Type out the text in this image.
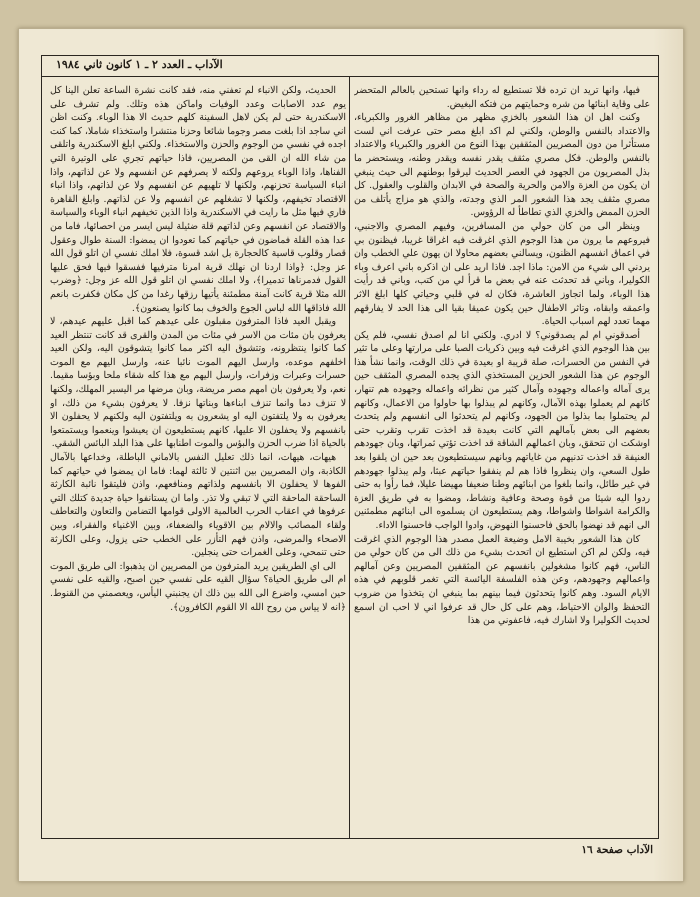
الآداب ـ العدد ٢ ـ ١ كانون ثاني ١٩٨٤

فيها، وانها تريد ان ترده فلا تستطيع له رداء وانها تستحين بالعالم المتحضر على وقاية ابنائها من شره وحمايتهم من فتكه البغيض.

وكنت اهل ان هذا الشعور بالخزي مظهر من مظاهر الغرور والكبرياء، والاعتداد بالنفس والوطن، ولكني لم اكد ابلغ مصر حتى عرفت اني لست مستأثرا من دون المصريين المثقفين بهذا النوع من الغرور والكبرياء والاعتداد بالنفس والوطن. فكل مصري مثقف يقدر نفسه ويقدر وطنه، ويستحضر ما بذل المصريون من الجهود في العصر الحديث ليرقوا بوطنهم الى حيث ينبغي ان يكون من العزة والامن والحرية والصحة في الابدان والقلوب والعقول. كل مصري مثقف يجد هذا الشعور المر الذي وجدته، والذي هو مزاج يأتلف من الحزن الممض والخزي الذي تطاطأ له الرؤوس.

وينظر الى من كان حولي من المسافرين، وفيهم المصري والاجنبي، فيروعهم ما يرون من هذا الوجوم الذي اغرقت فيه اغراقا غريبا، فيظنون بي في اعماق انفسهم الظنون، ويسالني بعضهم محاولا ان يهون علي الخطب وان يردني الى شيء من الامن: ماذا اجد. فاذا اريد على ان اذكره باني اعرف وباء الكوليرا، وباني قد تحدثت عنه في بعض ما قرأ لي من كتب، وباني قد رأيت هذا الوباء، ولما اتجاوز العاشرة، فكان له في قلبي وحياتي كلها ابلغ الاثر واعمقه وابقاه، وتاثر الاطفال حين يكون عميقا بقيا الى هذا الحد لا يفارقهم مهما تعدد لهم اسباب الحياة.

أصدقوني ام لم يصدقوني؟ لا ادري. ولكني انا لم اصدق نفسي، فلم يكن بين هذا الوجوم الذي اغرقت فيه وبين ذكريات الصبا على مرارتها وعلى ما تثير في النفس من الحسرات، صلة قريبة او بعيدة في ذلك الوقت، وانما نشأ هذا الوجوم عن هذا الشعور الحزين المستخذي الذي يجده المصري المثقف حين يرى آماله واعماله وجهوده وآمال كثير من نظرائه واعماله وجهوده هم تنهار، كانهم لم يعملوا بهذه الآمال، وكانهم لم يبذلوا بها حاولوا من الاعمال، وكانهم لم يحتملوا بما بذلوا من الجهود، وكانهم لم يتحدثوا الى انفسهم ولم يتحدث بعضهم الى بعض بآمالهم التي كانت بعيدة قد اخذت تقرب وتقرب حتى اوشكت ان تتحقق، وبان اعمالهم الشاقة قد اخذت تؤتي ثمراتها، وبان جهودهم العنيفة قد اخذت تدنيهم من غاياتهم وبانهم سيستطيعون بعد حين ان يلقوا بعد طول السعي، وان ينظروا فاذا هم لم ينفقوا حياتهم عبثا، ولم يبذلوا جهودهم في غير طائل، وانما بلغوا من ابنائهم وطنا ضعيفا مهيضا عليلا، فما رأوا به حتى ردوا اليه شيئا من قوة وصحة وعافية ونشاط، ومضوا به في طريق العزة والكرامة اشواطا واشواطا، وهم يستطيعون ان يسلموه الى ابنائهم مطمئنين الى انهم قد نهضوا بالحق فاحسنوا النهوض، وادوا الواجب فاحسنوا الاداء.

كان هذا الشعور بخيبة الامل وضيعة العمل مصدر هذا الوجوم الذي اغرقت فيه، ولكن لم اكن استطيع ان اتحدث بشيء من ذلك الى من كان حولي من الناس، فهم كانوا مشغولين بانفسهم عن المثقفين المصريين وعن آمالهم واعمالهم وجهودهم، وعن هذه الفلسفة اليائسة التي تغمر قلوبهم في هذه الايام السود. وهم كانوا يتحدثون فيما بينهم بما ينبغي ان يتخذوا من ضروب التحفظ والوان الاحتياط، وهم على كل حال قد عرفوا اني لا احب ان اسمع لحديث الكوليرا ولا اشارك فيه، فاعفوني من هذا

الحديث، ولكن الانباء لم تعفني منه، فقد كانت نشرة الساعة تعلن الينا كل يوم عدد الاصابات وعدد الوفيات واماكن هذه وتلك. ولم تشرف على الاسكندرية حتى لم يكن لاهل السفينة كلهم حديث الا هذا الوباء. وكنت اظن اني ساجد اذا بلغت مصر وجوما شائعا وحزنا منتشرا واستخذاء شاملا، كما كنت اجده في نفسي من الوجوم والحزن والاستخذاء. ولكني ابلغ الاسكندرية واتلقى من شاء الله ان القى من المصريين، فاذا حياتهم تجري على الوتيرة التي الفناها، واذا الوباء يروعهم ولكنه لا يصرفهم عن انفسهم ولا عن لذاتهم، واذا انباء السياسة تحزنهم، ولكنها لا تلهيهم عن انفسهم ولا عن لذاتهم، واذا انباء الاقتصاد تخيفهم، ولكنها لا تشغلهم عن انفسهم ولا عن لذاتهم. وابلغ القاهرة فاري فيها مثل ما رايت في الاسكندرية واذا الذين تخيفهم انباء الوباء والسياسة والاقتصاد عن انفسهم وعن لذاتهم قلة ضئيلة ليس ايسر من احصائها، فاما من عدا هذه القلة فماضون في حياتهم كما تعودوا ان يمضوا: السنة طوال وعقول قصار وقلوب قاسية كالحجارة بل اشد قسوة، فلا املك نفسي ان اتلو قول الله عز وجل: ﴿واذا اردنا ان نهلك قرية امرنا مترفيها ففسقوا فيها فحق عليها القول فدمرناها تدميرا﴾، ولا املك نفسي ان اتلو قول الله عز وجل: ﴿وضرب الله مثلا قرية كانت آمنة مطمئنة يأتيها رزقها رغدا من كل مكان فكفرت بانعم الله فاذاقها الله لباس الجوع والخوف بما كانوا يصنعون﴾.

ويقبل العيد فاذا المترفون مقبلون على عيدهم كما اقبل عليهم عيدهم، لا يعرفون بان مئات من الاسر في مئات من المدن والقرى قد كانت تنتظر العيد كما كانوا ينتظرونه، وتتشوق اليه اكثر مما كانوا يتشوقون اليه، ولكن العيد اخلفهم موعده، وارسل اليهم الموت نائبا عنه، وارسل اليهم مع الموت حسرات وعبرات وزفرات، وارسل اليهم مع هذا كله شقاء ملحا وبؤسا مقيما. نعم، ولا يعرفون بان امهم مصر مريضة، وبان مرضها مر اليسير المهلك، ولكنها لا تنزف دما وانما تنزف ابناءها وبناتها نزفا. لا يعرفون بشيء من ذلك، او يعرفون به ولا يلتفتون اليه او يشعرون به ويلتفتون اليه ولكنهم لا يحفلون الا بانفسهم ولا يحفلون الا عليها، كانهم يستطيعون ان يعيشوا وينعموا ويستمتعوا بالحياة اذا ضرب الحزن والبؤس والموت اطنابها على هذا البلد البائس الشقي.

هيهات، هيهات، انما ذلك تعليل النفس بالاماني الباطلة، وخداعها بالآمال الكاذبة، وان المصريين بين اثنتين لا ثالثة لهما: فاما ان يمضوا في حياتهم كما الفوها لا يحفلون الا بانفسهم ولذاتهم ومنافعهم، واذن فليتقوا نائبة الكارثة الساحقة الماحقة التي لا تبقي ولا تذر. واما ان يستانفوا حياة جديدة كتلك التي عرفوها في اعقاب الحرب العالمية الاولى قوامها التضامن والتعاون والتعاطف ولقاء المصائب والالام بين الاقوياء والضعفاء، وبين الاغنياء والفقراء، وبين الاصحاء والمرضى، واذن فهم التأزر على الخطب حتى يزول، وعلى الكارثة حتى تنمحي، وعلى الغمرات حتى ينجلين.

الى اي الطريقين يريد المترفون من المصريين ان يذهبوا: الى طريق الموت ام الى طريق الحياة؟ سؤال القيه على نفسي حين اصبح، والقيه على نفسي حين امسي، واضرع الى الله بين ذلك ان يجنبني اليأس، ويعصمني من القنوط. ﴿انه لا يياس من روح الله الا القوم الكافرون﴾.

الآداب صفحة ١٦
